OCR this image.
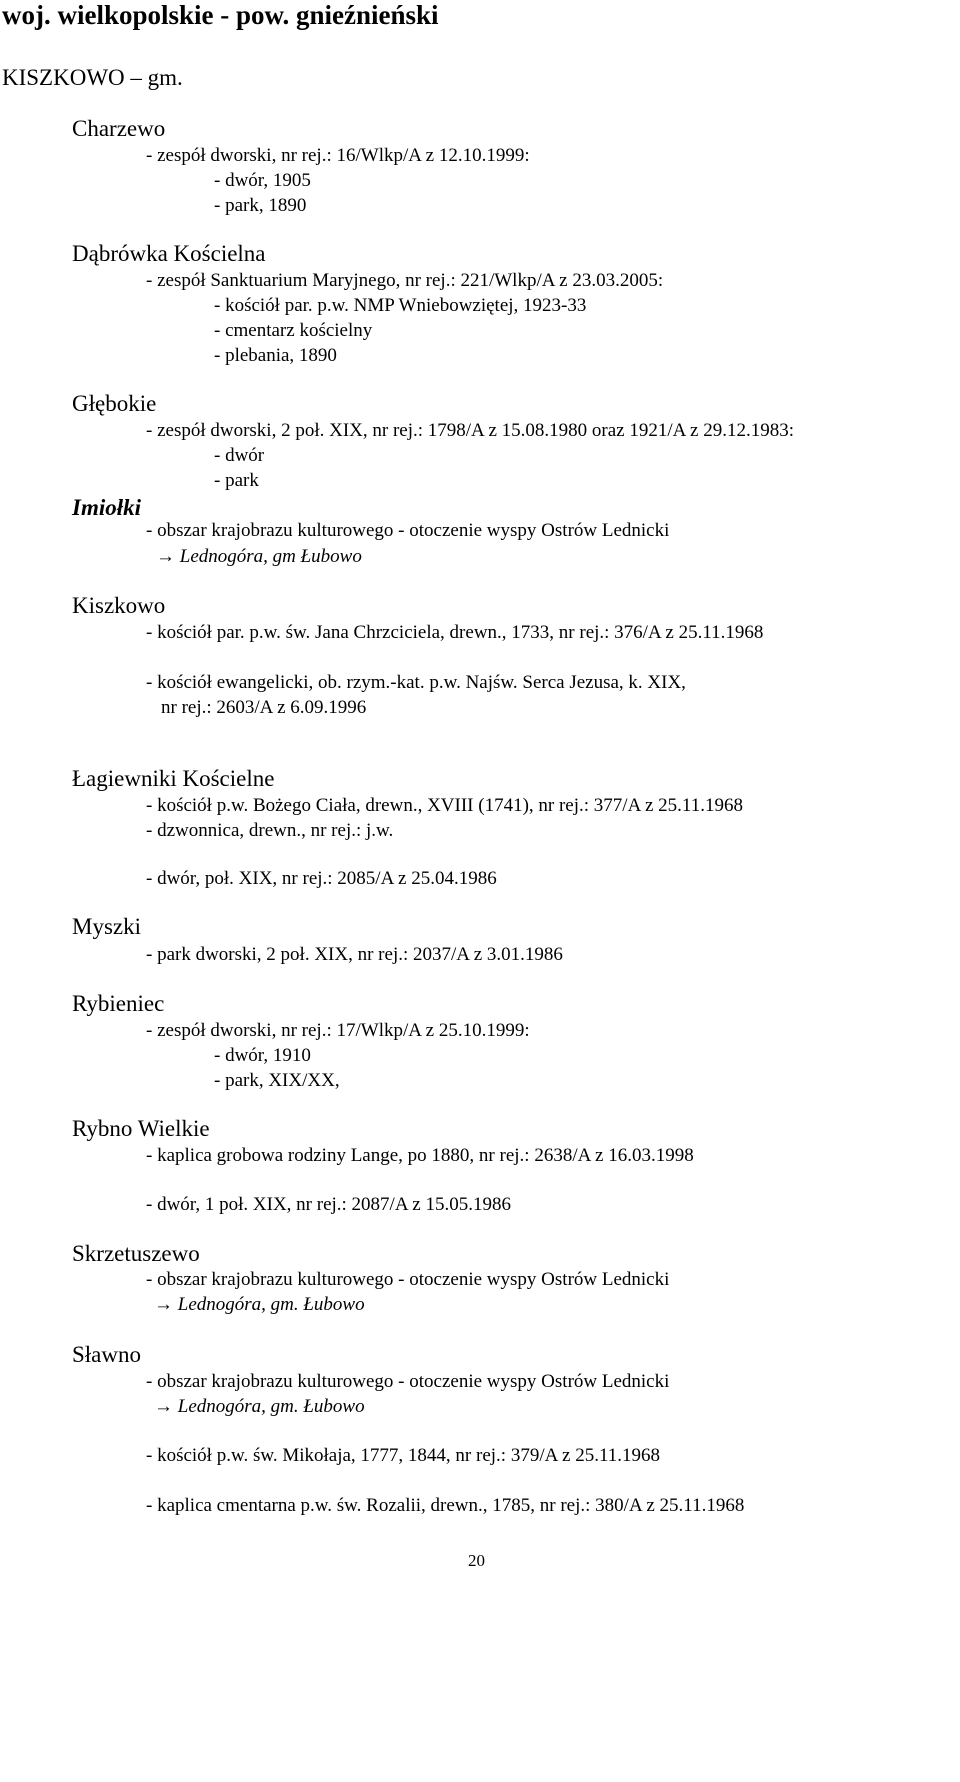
woj. wielkopolskie - pow. gnieźnieński
KISZKOWO – gm.
Charzewo
- zespół dworski, nr rej.: 16/Wlkp/A z 12.10.1999:
- dwór, 1905
- park, 1890
Dąbrówka Kościelna
- zespół Sanktuarium Maryjnego, nr rej.: 221/Wlkp/A z 23.03.2005:
- kościół par. p.w. NMP Wniebowziętej, 1923-33
- cmentarz kościelny
- plebania, 1890
Głębokie
- zespół dworski, 2 poł. XIX, nr rej.: 1798/A z 15.08.1980 oraz 1921/A z 29.12.1983:
- dwór
- park
Imiołki
- obszar krajobrazu kulturowego - otoczenie wyspy Ostrów Lednicki
→ Lednogóra, gm Łubowo
Kiszkowo
- kościół par. p.w. św. Jana Chrzciciela, drewn., 1733, nr rej.: 376/A z 25.11.1968
- kościół ewangelicki, ob. rzym.-kat. p.w. Najśw. Serca Jezusa, k. XIX,
nr rej.: 2603/A z 6.09.1996
Łagiewniki Kościelne
- kościół p.w. Bożego Ciała, drewn., XVIII (1741), nr rej.: 377/A z 25.11.1968
- dzwonnica, drewn., nr rej.: j.w.
- dwór, poł. XIX, nr rej.: 2085/A z 25.04.1986
Myszki
- park dworski, 2 poł. XIX, nr rej.: 2037/A z 3.01.1986
Rybieniec
- zespół dworski, nr rej.: 17/Wlkp/A z 25.10.1999:
- dwór, 1910
- park, XIX/XX,
Rybno Wielkie
- kaplica grobowa rodziny Lange, po 1880, nr rej.: 2638/A z 16.03.1998
- dwór, 1 poł. XIX, nr rej.: 2087/A z 15.05.1986
Skrzetuszewo
- obszar krajobrazu kulturowego - otoczenie wyspy Ostrów Lednicki
→ Lednogóra, gm. Łubowo
Sławno
- obszar krajobrazu kulturowego - otoczenie wyspy Ostrów Lednicki
→ Lednogóra, gm. Łubowo
- kościół p.w. św. Mikołaja, 1777, 1844, nr rej.: 379/A z 25.11.1968
- kaplica cmentarna p.w. św. Rozalii, drewn., 1785, nr rej.: 380/A z 25.11.1968
20
